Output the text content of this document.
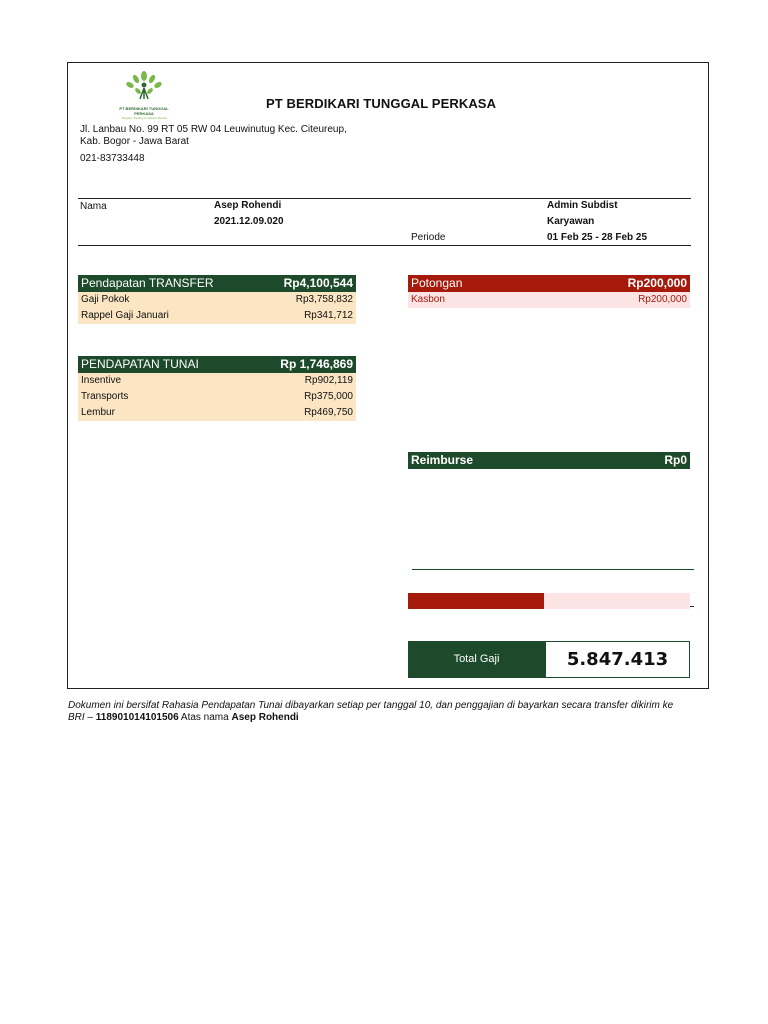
PT BERDIKARI TUNGGAL PERKASA
Supplier Trading & Indirect Rental
PT BERDIKARI TUNGGAL PERKASA
Jl. Lanbau No. 99 RT 05 RW 04 Leuwinutug Kec. Citeureup,
Kab. Bogor - Jawa Barat
021-83733448
Nama	Asep Rohendi
2021.12.09.020
Admin Subdist
Karyawan
Periode	01 Feb 25 - 28 Feb 25
Pendapatan TRANSFER	Rp4,100,544
Gaji Pokok	Rp3,758,832
Rappel Gaji Januari	Rp341,712
PENDAPATAN TUNAI	Rp 1,746,869
Insentive	Rp902,119
Transports	Rp375,000
Lembur	Rp469,750
Potongan	Rp200,000
Kasbon	Rp200,000
Reimburse	Rp0
Total Gaji	5.847.413
Dokumen ini bersifat Rahasia Pendapatan Tunai dibayarkan setiap per tanggal 10, dan penggajian di bayarkan secara transfer dikirim ke
BRI – 118901014101506 Atas nama Asep Rohendi
